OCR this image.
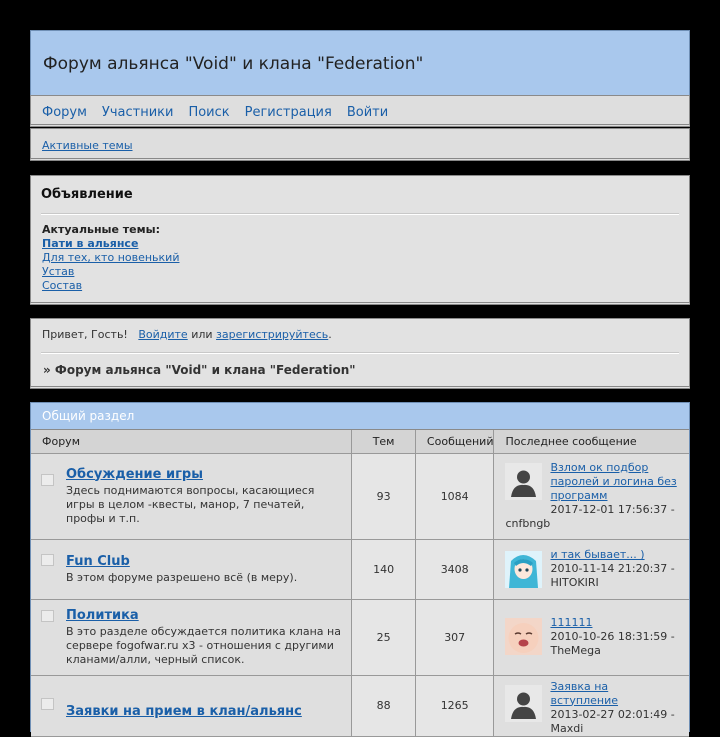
Форум альянса "Void" и клана "Federation"
Форум Участники Поиск Регистрация Войти
Активные темы
Объявление
Актуальные темы:
Пати в альянсе
Для тех, кто новенький
Устав
Состав
Привет, Гость! Войдите или зарегистрируйтесь.
» Форум альянса "Void" и клана "Federation"
Общий раздел
Форум	Тем	Сообщений	Последнее сообщение

Обсуждение игры
Здесь поднимаются вопросы, касающиеся игры в целом -квесты, манор, 7 печатей, профы и т.п.	93	1084	Взлом ок подбор паролей и логина без программ
2017-12-01 17:56:37 -
cnfbngb

Fun Club
В этом форуме разрешено всё (в меру).	140	3408	и так бывает... )
2010-11-14 21:20:37 -
HITOKIRI

Политика
В это разделе обсуждается политика клана на сервере fogofwar.ru x3 - отношения с другими кланами/алли, черный список.	25	307	111111
2010-10-26 18:31:59 -
TheMega

Заявки на прием в клан/альянс	88	1265	Заявка на вступление
2013-02-27 02:01:49 -
Maxdi
